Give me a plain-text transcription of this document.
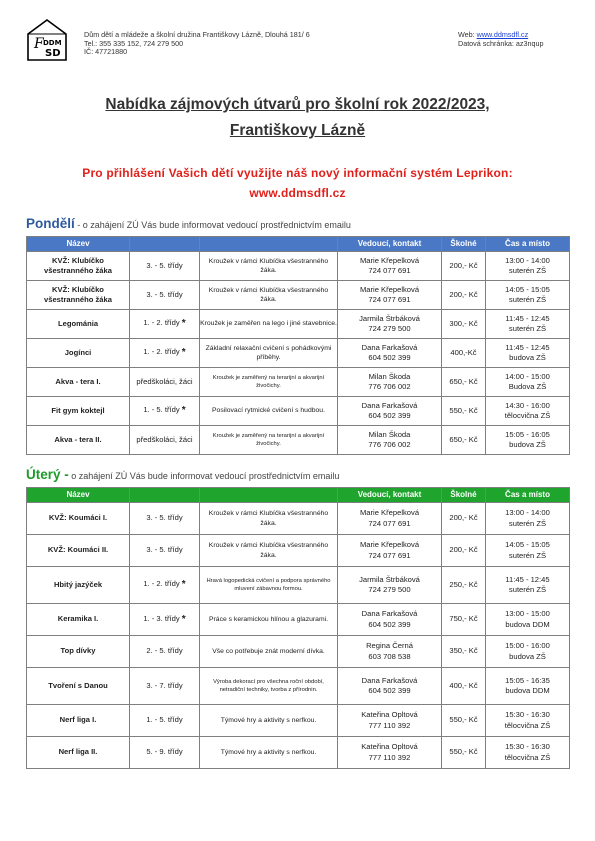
F DDM
SD
Dům dětí a mládeže a školní družina Františkovy Lázně, Dlouhá 181/ 6
Tel.: 355 335 152, 724 279 500
IČ: 47721880
Web: www.ddmsdfl.cz
Datová schránka: az3nqup
Nabídka zájmových útvarů pro školní rok 2022/2023,
Františkovy Lázně
Pro přihlášení Vašich dětí využijte náš nový informační systém Leprikon:
www.ddmsdfl.cz
Pondělí - o zahájení ZÚ Vás bude informovat vedoucí prostřednictvím emailu
Název			Vedoucí, kontakt	Školné	Čas a místo
KVŽ: Klubíčko všestranného žáka	3. - 5. třídy	Kroužek v rámci Klubíčka všestranného žáka.	Marie Křepelková
724 077 691	200,- Kč	13:00 - 14:00
suterén ZŠ
KVŽ: Klubíčko všestranného žáka	3. - 5. třídy	Kroužek v rámci Klubíčka všestranného žáka.	Marie Křepelková
724 077 691	200,- Kč	14:05 - 15:05
suterén ZŠ
Legománia	1. - 2. třídy *	Kroužek je zaměřen na lego i jiné stavebnice.	Jarmila Štrbáková
724 279 500	300,- Kč	11:45 - 12:45
suterén ZŠ
Jogínci	1. - 2. třídy *	Základní relaxační cvičení s pohádkovými příběhy.	Dana Farkašová
604 502 399	400,-Kč	11:45 - 12:45
budova ZŠ
Akva - tera I.	předškoláci, žáci	Kroužek je zaměřený na terarijní a akvarijní živočichy.	Milan Škoda
776 706 002	650,- Kč	14:00 - 15:00
Budova ZŠ
Fit gym koktejl	1. - 5. třídy *	Posilovací rytmické cvičení s hudbou.	Dana Farkašová
604 502 399	550,- Kč	14:30 - 16:00
tělocvična ZŠ
Akva - tera II.	předškoláci, žáci	Kroužek je zaměřený na terarijní a akvarijní živočichy.	Milan Škoda
776 706 002	650,- Kč	15:05 - 16:05
budova ZŠ
Úterý - o zahájení ZÚ Vás bude informovat vedoucí prostřednictvím emailu
Název			Vedoucí, kontakt	Školné	Čas a místo
KVŽ: Koumáci I.	3. - 5. třídy	Kroužek v rámci Klubíčka všestranného žáka.	Marie Křepelková
724 077 691	200,- Kč	13:00 - 14:00
suterén ZŠ
KVŽ: Koumáci II.	3. - 5. třídy	Kroužek v rámci Klubíčka všestranného žáka.	Marie Křepelková
724 077 691	200,- Kč	14:05 - 15:05
suterén ZŠ
Hbitý jazýček	1. - 2. třídy *	Hravá logopedická cvičení a podpora správného mluvení zábavnou formou.	Jarmila Štrbáková
724 279 500	250,- Kč	11:45 - 12:45
suterén ZŠ
Keramika I.	1. - 3. třídy *	Práce s keramickou hlínou a glazurami.	Dana Farkašová
604 502 399	750,- Kč	13:00 - 15:00
budova DDM
Top dívky	2. - 5. třídy	Vše co potřebuje znát moderní dívka.	Regina Černá
603 708 538	350,- Kč	15:00 - 16:00
budova ZŠ
Tvoření s Danou	3. - 7. třídy	Výroba dekorací pro všechna roční období, netradiční techniky, tvorba z přírodnin.	Dana Farkašová
604 502 399	400,- Kč	15:05 - 16:35
budova DDM
Nerf liga I.	1. - 5. třídy	Týmové hry a aktivity s nerfkou.	Kateřina Opltová
777 110 392	550,- Kč	15:30 - 16:30
tělocvična ZŠ
Nerf liga II.	5. - 9. třídy	Týmové hry a aktivity s nerfkou.	Kateřina Opltová
777 110 392	550,- Kč	15:30 - 16:30
tělocvična ZŠ
